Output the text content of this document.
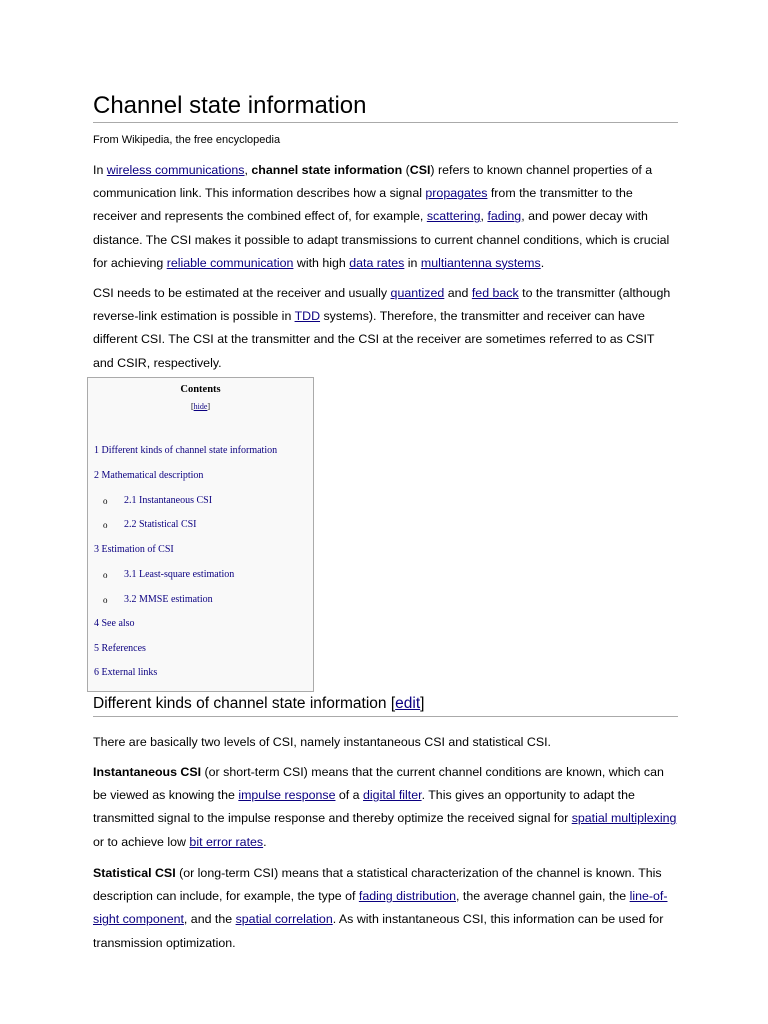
Channel state information
From Wikipedia, the free encyclopedia

In wireless communications, channel state information (CSI) refers to known channel properties of a communication link. This information describes how a signal propagates from the transmitter to the receiver and represents the combined effect of, for example, scattering, fading, and power decay with distance. The CSI makes it possible to adapt transmissions to current channel conditions, which is crucial for achieving reliable communication with high data rates in multiantenna systems.

CSI needs to be estimated at the receiver and usually quantized and fed back to the transmitter (although reverse-link estimation is possible in TDD systems). Therefore, the transmitter and receiver can have different CSI. The CSI at the transmitter and the CSI at the receiver are sometimes referred to as CSIT and CSIR, respectively.

Contents
[hide]
1 Different kinds of channel state information
2 Mathematical description
o 2.1 Instantaneous CSI
o 2.2 Statistical CSI
3 Estimation of CSI
o 3.1 Least-square estimation
o 3.2 MMSE estimation
4 See also
5 References
6 External links
Different kinds of channel state information [edit]

There are basically two levels of CSI, namely instantaneous CSI and statistical CSI.

Instantaneous CSI (or short-term CSI) means that the current channel conditions are known, which can be viewed as knowing the impulse response of a digital filter. This gives an opportunity to adapt the transmitted signal to the impulse response and thereby optimize the received signal for spatial multiplexing or to achieve low bit error rates.

Statistical CSI (or long-term CSI) means that a statistical characterization of the channel is known. This description can include, for example, the type of fading distribution, the average channel gain, the line-of-sight component, and the spatial correlation. As with instantaneous CSI, this information can be used for transmission optimization.
